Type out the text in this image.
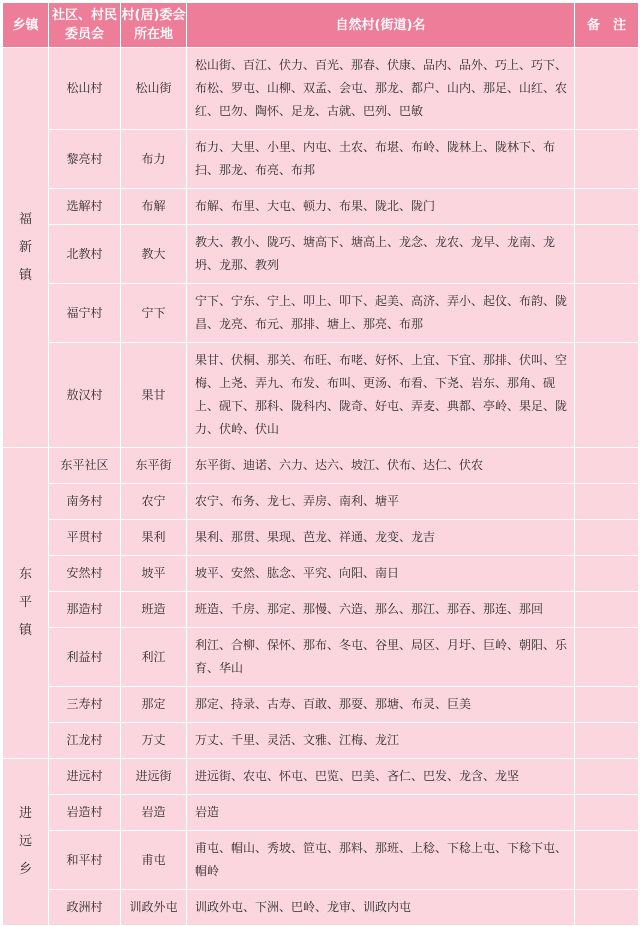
乡镇	社区、村民委员会	村(居)委会所在地	自然村(街道)名	备　注

福新镇	松山村	松山街	松山街、百江、伏力、百光、那春、伏康、品内、品外、巧上、巧下、布松、罗屯、山柳、双孟、会屯、那龙、都户、山内、那足、山红、农红、巴勿、陶怀、足龙、古就、巴列、巴敏	
	黎亮村	布力	布力、大里、小里、内屯、土农、布堪、布岭、陇林上、陇林下、布扫、那龙、布亮、布邦	
	选解村	布解	布解、布里、大屯、顿力、布果、陇北、陇门	
	北教村	教大	教大、教小、陇巧、塘高下、塘高上、龙念、龙农、龙早、龙南、龙坍、龙那、教列	
	福宁村	宁下	宁下、宁东、宁上、叩上、叩下、起美、高济、弄小、起伩、布韵、陇昌、龙亮、布元、那排、塘上、那亮、布那	
	敖汉村	果甘	果甘、伏桐、那关、布旺、布咾、好怀、上宜、下宜、那排、伏叫、空梅、上尧、弄九、布发、布叫、更汤、布看、下尧、岩东、那角、砚上、砚下、那科、陇科内、陇奇、好屯、弄麦、典都、亭岭、果足、陇力、伏岭、伏山	

东平镇	东平社区	东平街	东平街、迪诺、六力、达六、坡江、伏布、达仁、伏农	
	南务村	农宁	农宁、布务、龙七、弄房、南利、塘平	
	平贯村	果利	果利、那贯、果现、芭龙、祥通、龙变、龙吉	
	安然村	坡平	坡平、安然、肱念、平究、向阳、南日	
	那造村	班造	班造、千房、那定、那慢、六造、那么、那江、那吞、那连、那回	
	利益村	利江	利江、合柳、保怀、那布、冬屯、谷里、局区、月圩、巨岭、朝阳、乐育、华山	
	三寿村	那定	那定、持录、古寿、百敢、那耍、那塘、布灵、巨美	
	江龙村	万丈	万丈、千里、灵活、文雅、江梅、龙江	

进远乡	进远村	进远街	进远街、农屯、怀屯、巴览、巴美、吝仁、巴发、龙含、龙坚	
	岩造村	岩造	岩造	
	和平村	甫屯	甫屯、帽山、秀坡、笸屯、那料、那班、上稔、下稔上屯、下稔下屯、帽岭	
	政洲村	训政外屯	训政外屯、下洲、巴岭、龙审、训政内屯	
